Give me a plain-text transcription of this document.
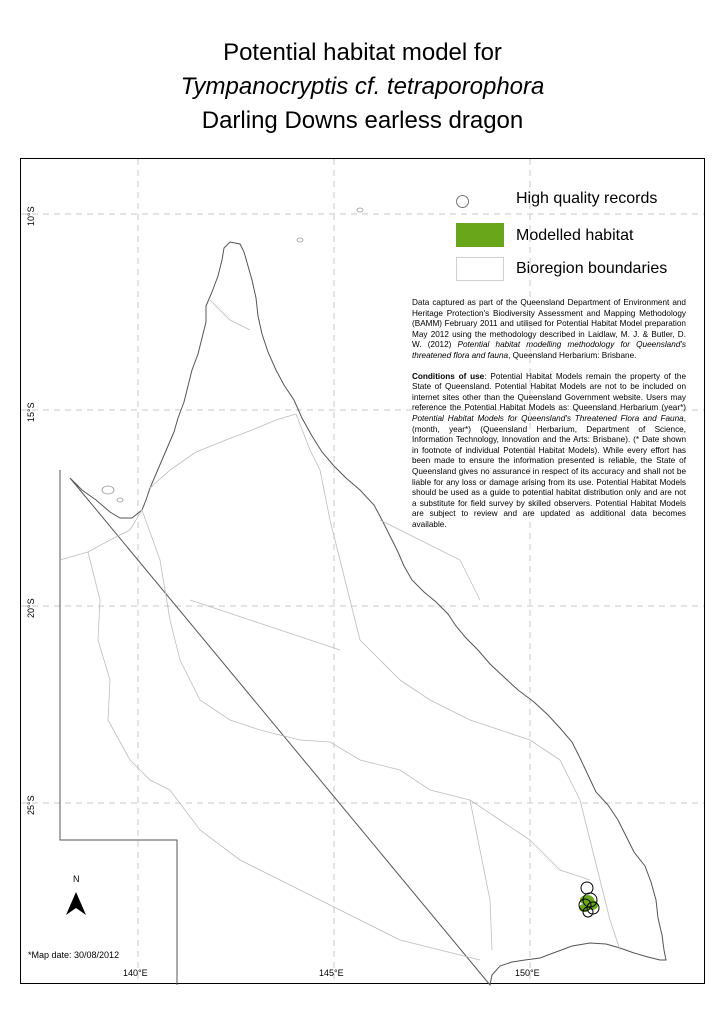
Potential habitat model for
Tympanocryptis cf. tetraporophora
Darling Downs earless dragon
High quality records
Modelled habitat
Bioregion boundaries

Data captured as part of the Queensland Department of Environment and Heritage Protection's Biodiversity Assessment and Mapping Methodology (BAMM) February 2011 and utilised for Potential Habitat Model preparation May 2012 using the methodology described in Laidlaw, M. J. & Butler, D. W. (2012) Potential habitat modelling methodology for Queensland's threatened flora and fauna, Queensland Herbarium: Brisbane.

Conditions of use: Potential Habitat Models remain the property of the State of Queensland. Potential Habitat Models are not to be included on internet sites other than the Queensland Government website. Users may reference the Potential Habitat Models as: Queensland Herbarium (year*) Potential Habitat Models for Queensland's Threatened Flora and Fauna, (month, year*) (Queensland Herbarium, Department of Science, Information Technology, Innovation and the Arts: Brisbane). (* Date shown in footnote of individual Potential Habitat Models). While every effort has been made to ensure the information presented is reliable, the State of Queensland gives no assurance in respect of its accuracy and shall not be liable for any loss or damage arising from its use. Potential Habitat Models should be used as a guide to potential habitat distribution only and are not a substitute for field survey by skilled observers. Potential Habitat Models are subject to review and are updated as additional data becomes available.

10°S
15°S
20°S
25°S
140°E	145°E	150°E
N
*Map date: 30/08/2012
